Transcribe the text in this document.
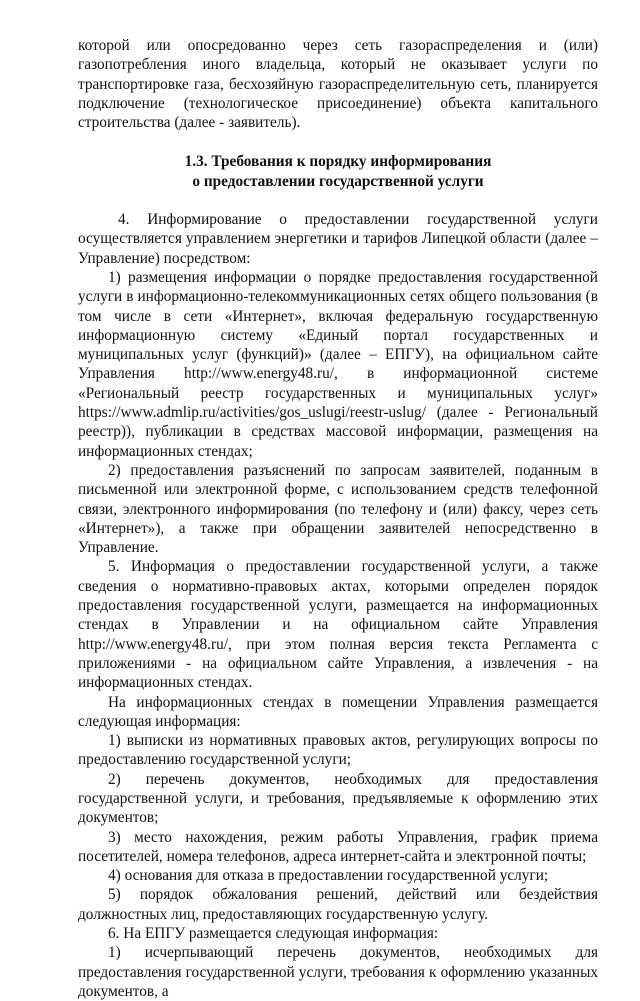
которой или опосредованно через сеть газораспределения и (или) газопотребления иного владельца, который не оказывает услуги по транспортировке газа, бесхозяйную газораспределительную сеть, планируется подключение (технологическое присоединение) объекта капитального строительства (далее - заявитель).

1.3. Требования к порядку информирования
о предоставлении государственной услуги

4. Информирование о предоставлении государственной услуги осуществляется управлением энергетики и тарифов Липецкой области (далее – Управление) посредством:

1) размещения информации о порядке предоставления государственной услуги в информационно-телекоммуникационных сетях общего пользования (в том числе в сети «Интернет», включая федеральную государственную информационную систему «Единый портал государственных и муниципальных услуг (функций)» (далее – ЕПГУ), на официальном сайте Управления http://www.energy48.ru/, в информационной системе «Региональный реестр государственных и муниципальных услуг» https://www.admlip.ru/activities/gos_uslugi/reestr-uslug/ (далее - Региональный реестр)), публикации в средствах массовой информации, размещения на информационных стендах;

2) предоставления разъяснений по запросам заявителей, поданным в письменной или электронной форме, с использованием средств телефонной связи, электронного информирования (по телефону и (или) факсу, через сеть «Интернет»), а также при обращении заявителей непосредственно в Управление.

5. Информация о предоставлении государственной услуги, а также сведения о нормативно-правовых актах, которыми определен порядок предоставления государственной услуги, размещается на информационных стендах в Управлении и на официальном сайте Управления http://www.energy48.ru/, при этом полная версия текста Регламента с приложениями - на официальном сайте Управления, а извлечения - на информационных стендах.

На информационных стендах в помещении Управления размещается следующая информация:

1) выписки из нормативных правовых актов, регулирующих вопросы по предоставлению государственной услуги;

2) перечень документов, необходимых для предоставления государственной услуги, и требования, предъявляемые к оформлению этих документов;

3) место нахождения, режим работы Управления, график приема посетителей, номера телефонов, адреса интернет-сайта и электронной почты;

4) основания для отказа в предоставлении государственной услуги;

5) порядок обжалования решений, действий или бездействия должностных лиц, предоставляющих государственную услугу.

6. На ЕПГУ размещается следующая информация:

1) исчерпывающий перечень документов, необходимых для предоставления государственной услуги, требования к оформлению указанных документов, а
